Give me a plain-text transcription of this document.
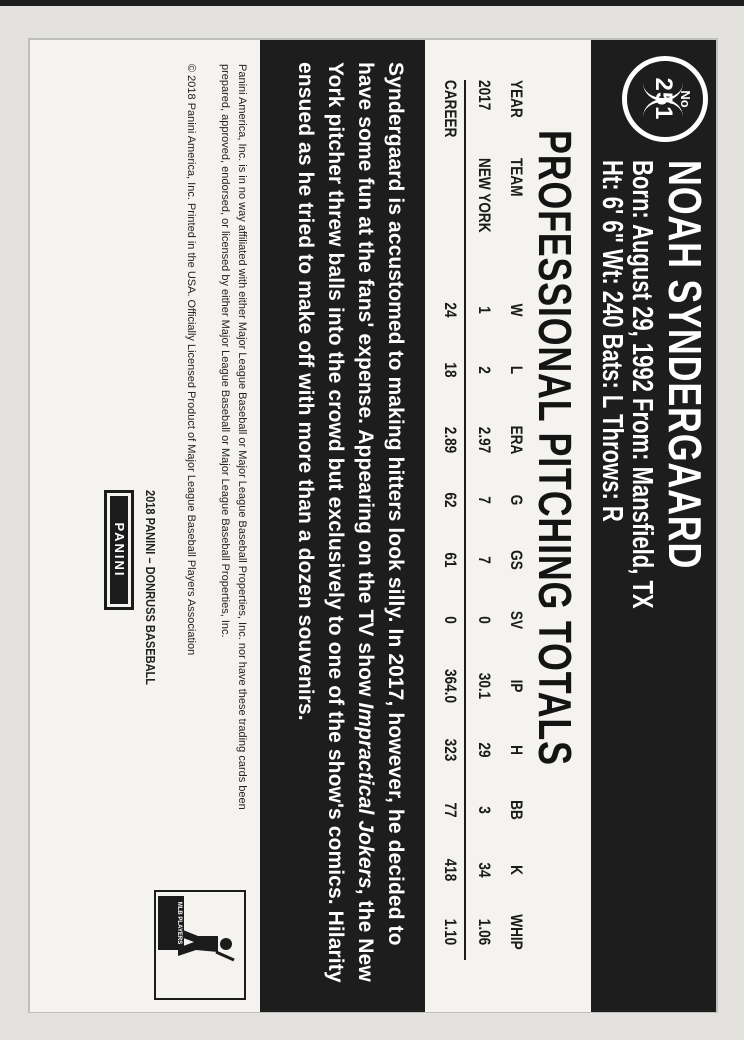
No
251
NOAH SYNDERGAARD
Born: August 29, 1992 From: Mansfield, TX
Ht: 6' 6" Wt: 240 Bats: L Throws: R
PROFESSIONAL PITCHING TOTALS
YEAR
TEAM
W
L
ERA
G
GS
SV
IP
H
BB
K
WHIP
2017
NEW YORK
1
2
2.97
7
7
0
30.1
29
3
34
1.06
CAREER
24
18
2.89
62
61
0
364.0
323
77
418
1.10
Syndergaard is accustomed to making hitters look silly. In 2017, however, he decided to have some fun at the fans' expense. Appearing on the TV show Impractical Jokers, the New York pitcher threw balls into the crowd but exclusively to one of the show's comics. Hilarity ensued as he tried to make off with more than a dozen souvenirs.
Panini America, Inc. is in no way affiliated with either Major League Baseball or Major League Baseball Properties, Inc. nor have these trading cards been prepared, approved, endorsed, or licensed by either Major League Baseball or Major League Baseball Properties, Inc.
© 2018 Panini America, Inc. Printed in the USA. Officially Licensed Product of Major League Baseball Players Association
2018 PANINI – DONRUSS BASEBALL
PANINI
MLB PLAYERS
